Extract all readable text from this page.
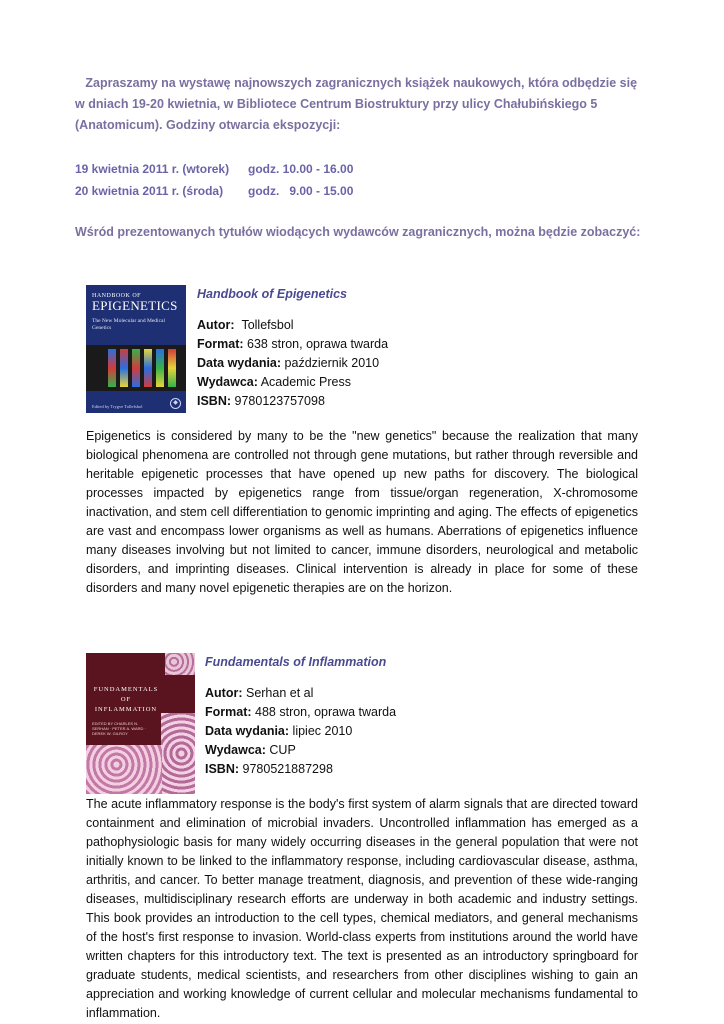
Zapraszamy na wystawę najnowszych zagranicznych książek naukowych, która odbędzie się

w dniach 19-20 kwietnia, w Bibliotece Centrum Biostruktury przy ulicy Chałubińskiego 5

(Anatomicum). Godziny otwarcia ekspozycji:

19 kwietnia 2011 r. (wtorek) godz. 10.00 - 16.00
20 kwietnia 2011 r. (środa) godz.   9.00 - 15.00
Wśród prezentowanych tytułów wiodących wydawców zagranicznych, można będzie zobaczyć:
HANDBOOK OF
EPIGENETICS
The New Molecular and Medical Genetics
Edited by Trygve Tollefsbol
◆
Handbook of Epigenetics
Autor: Tollefsbol
Format: 638 stron, oprawa twarda
Data wydania: październik 2010
Wydawca: Academic Press
ISBN: 9780123757098

Epigenetics is considered by many to be the "new genetics" because the realization that many biological phenomena are controlled not through gene mutations, but rather through reversible and heritable epigenetic processes that have opened up new paths for discovery. The biological processes impacted by epigenetics range from tissue/organ regeneration, X-chromosome inactivation, and stem cell differentiation to genomic imprinting and aging. The effects of epigenetics are vast and encompass lower organisms as well as humans. Aberrations of epigenetics influence many diseases involving but not limited to cancer, immune disorders, neurological and metabolic disorders, and imprinting diseases. Clinical intervention is already in place for some of these disorders and many novel epigenetic therapies are on the horizon.

FUNDAMENTALS
OF
INFLAMMATION
EDITED BY CHARLES N. SERHAN · PETER A. WARD · DEREK W. GILROY
Fundamentals of Inflammation
Autor: Serhan et al
Format: 488 stron, oprawa twarda
Data wydania: lipiec 2010
Wydawca: CUP
ISBN: 9780521887298

The acute inflammatory response is the body's first system of alarm signals that are directed toward containment and elimination of microbial invaders. Uncontrolled inflammation has emerged as a pathophysiologic basis for many widely occurring diseases in the general population that were not initially known to be linked to the inflammatory response, including cardiovascular disease, asthma, arthritis, and cancer. To better manage treatment, diagnosis, and prevention of these wide-ranging diseases, multidisciplinary research efforts are underway in both academic and industry settings. This book provides an introduction to the cell types, chemical mediators, and general mechanisms of the host's first response to invasion. World-class experts from institutions around the world have written chapters for this introductory text. The text is presented as an introductory springboard for graduate students, medical scientists, and researchers from other disciplines wishing to gain an appreciation and working knowledge of current cellular and molecular mechanisms fundamental to inflammation.
